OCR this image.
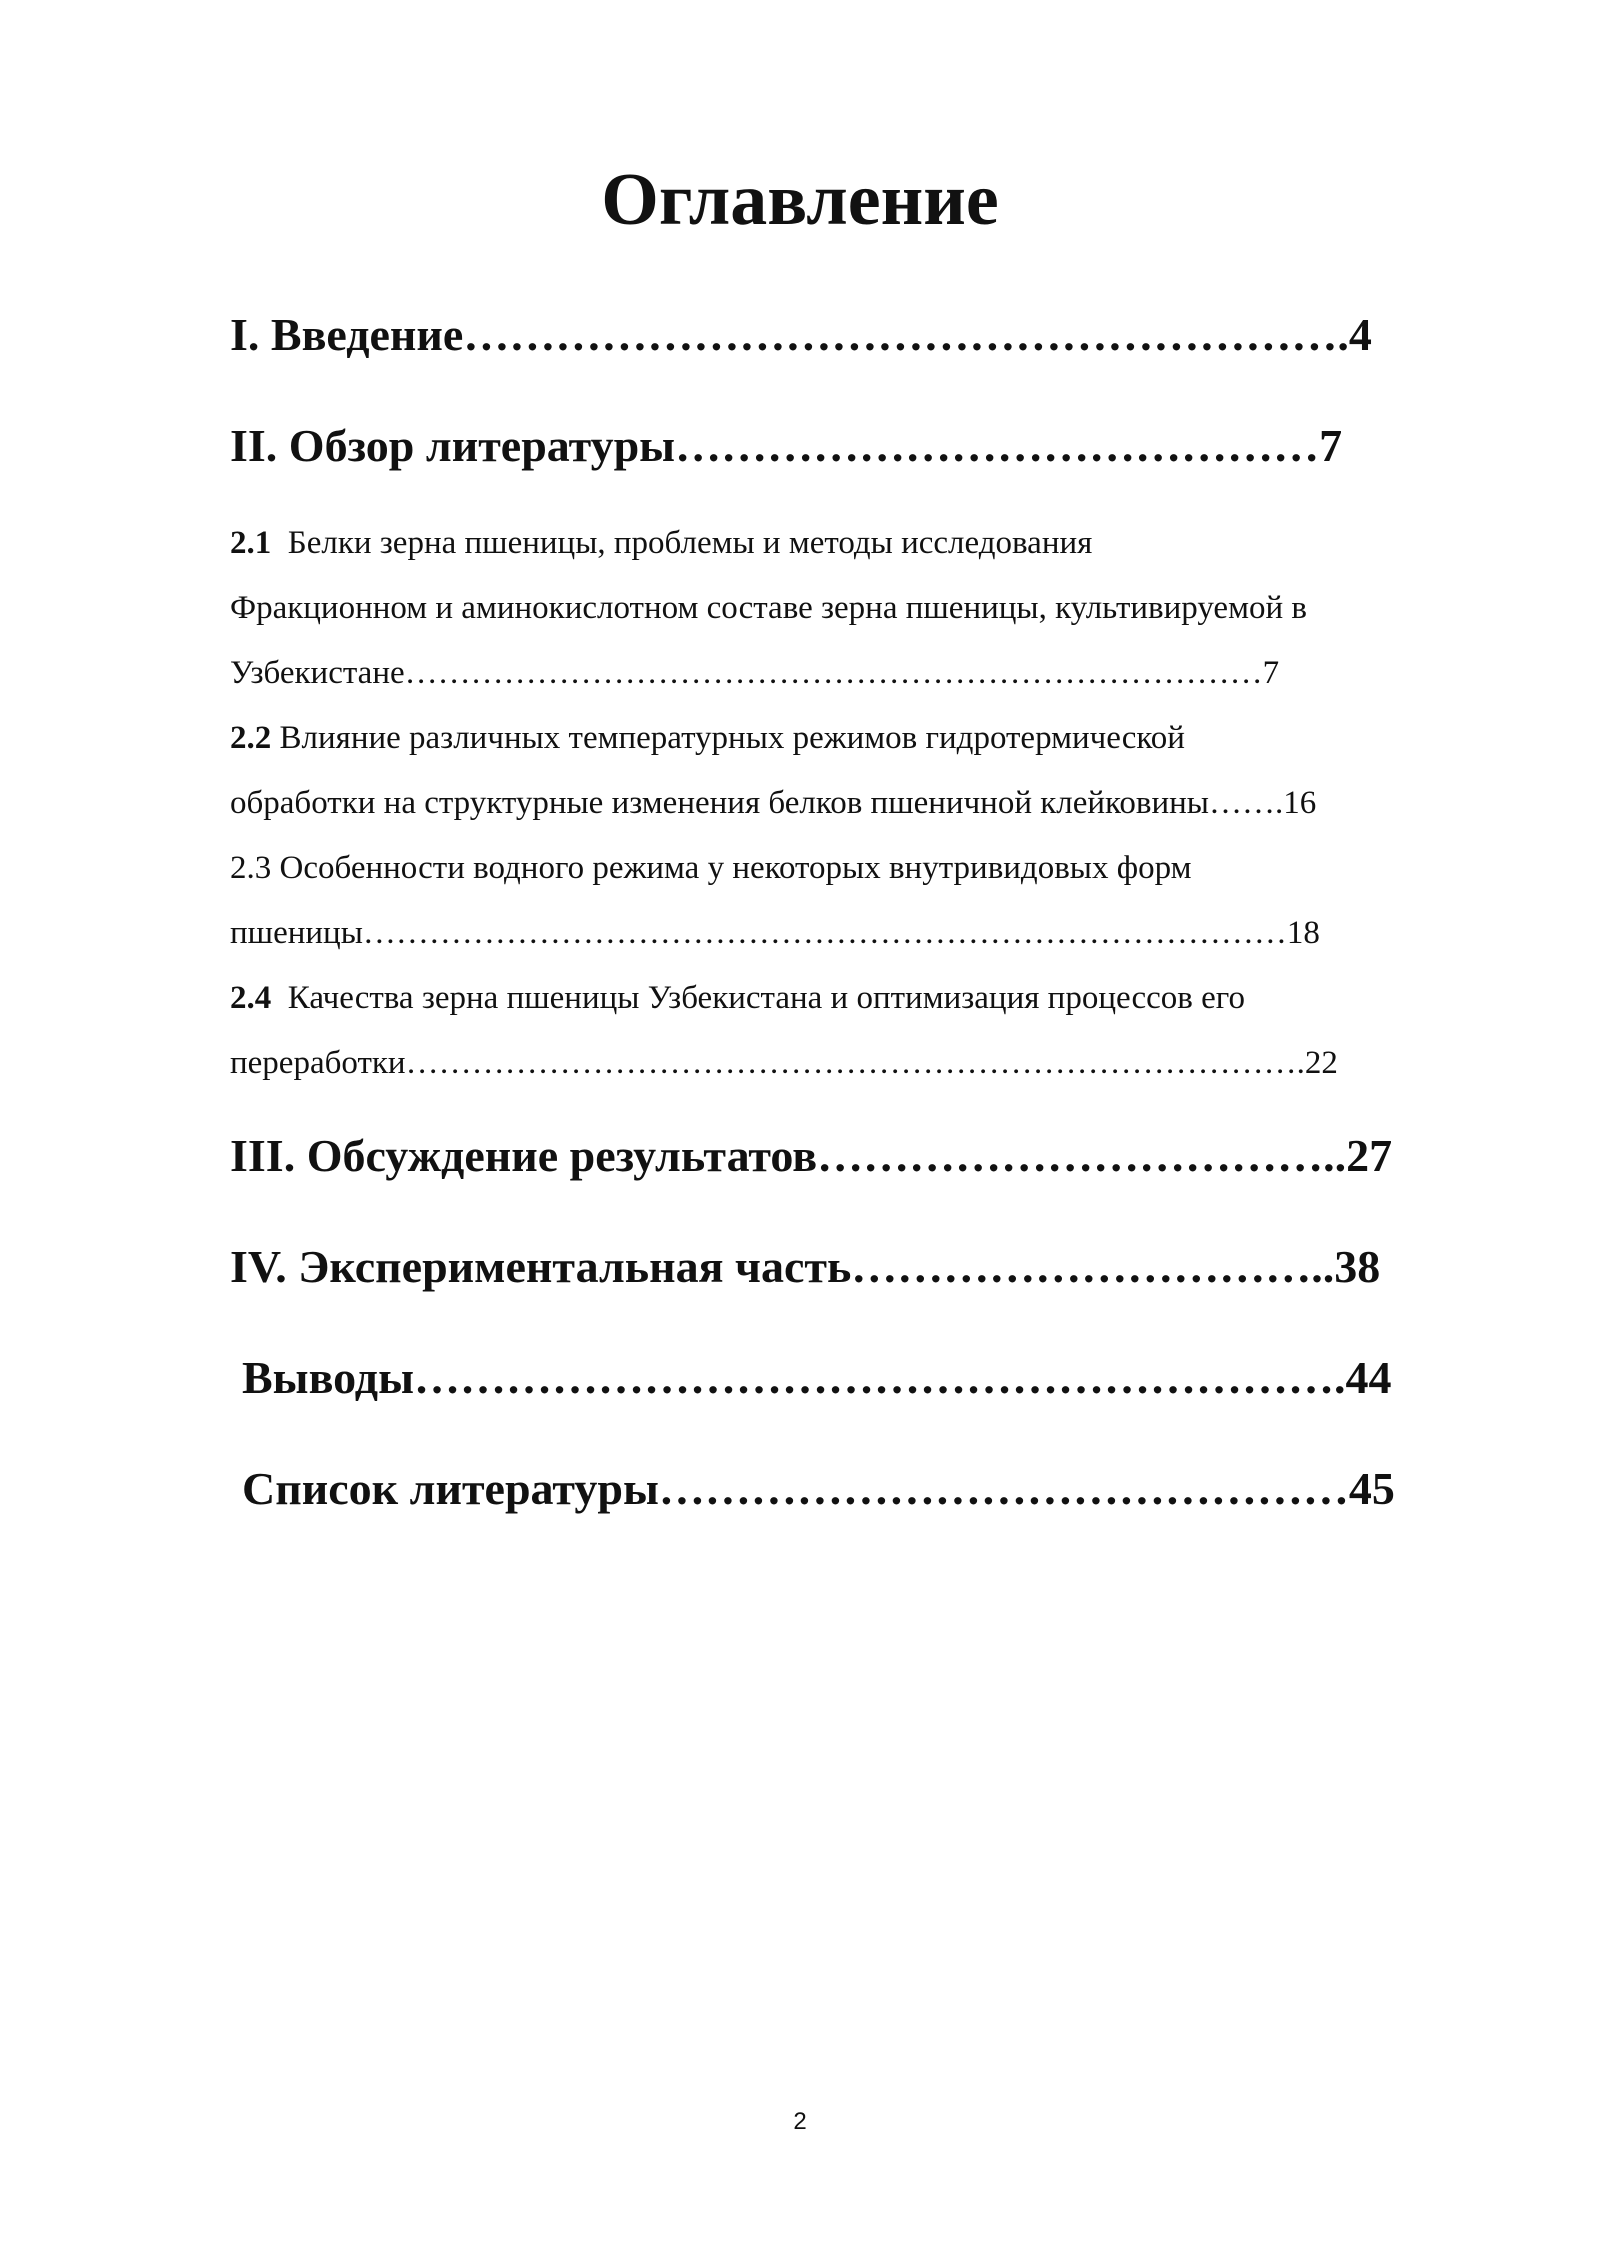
Оглавление
I. Введение………………………………………………….4
II. Обзор литературы……………………………………7
2.1 Белки зерна пшеницы, проблемы и методы исследования
Фракционном и аминокислотном составе зерна пшеницы, культивируемой в
Узбекистане……………………………………………………………………7
2.2 Влияние различных температурных режимов гидротермической
обработки на структурные изменения белков пшеничной клейковины…….16
2.3 Особенности водного режима у некоторых внутривидовых форм
пшеницы…………………………………………………………………………18
2.4 Качества зерна пшеницы Узбекистана и оптимизация процессов его
переработки……………………………………………………………………….22
III. Обсуждение результатов……………………………..27
IV. Экспериментальная часть…………………………..38
Выводы…………………………………………………….44
Список литературы………………………………………45
2
